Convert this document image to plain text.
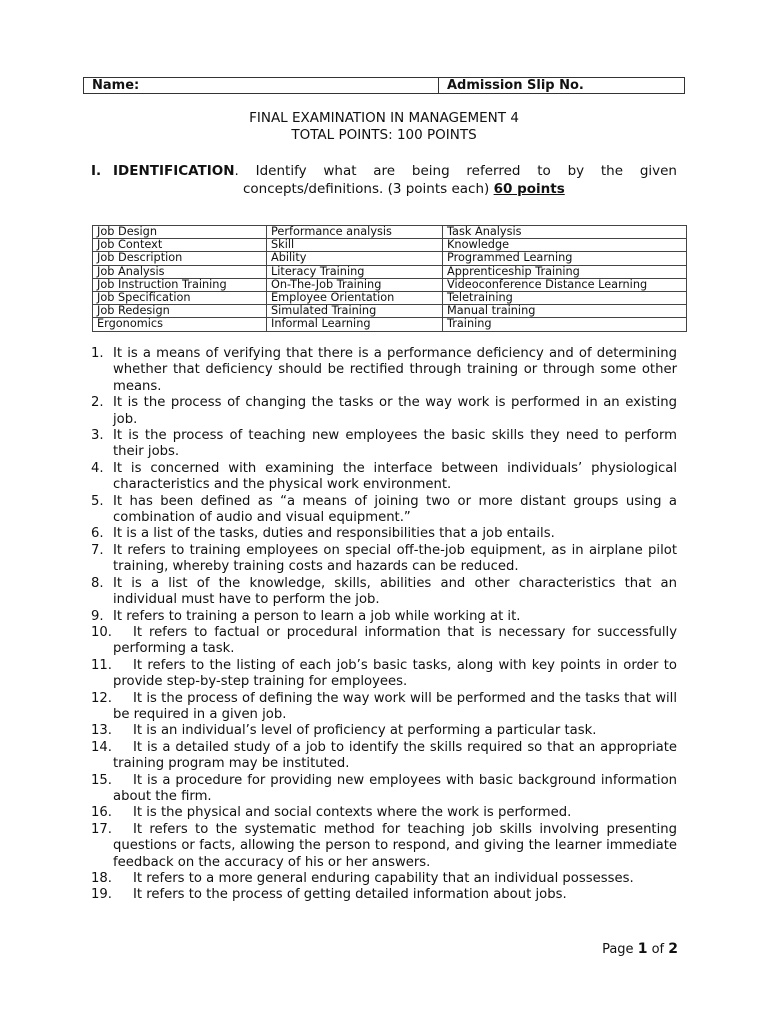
Name:	Admission Slip No.
FINAL EXAMINATION IN MANAGEMENT 4
TOTAL POINTS: 100 POINTS
I. IDENTIFICATION. Identify what are being referred to by the given
concepts/definitions. (3 points each) 60 points
Job Design	Performance analysis	Task Analysis
Job Context	Skill	Knowledge
Job Description	Ability	Programmed Learning
Job Analysis	Literacy Training	Apprenticeship Training
Job Instruction Training	On-The-Job Training	Videoconference Distance Learning
Job Specification	Employee Orientation	Teletraining
Job Redesign	Simulated Training	Manual training
Ergonomics	Informal Learning	Training
1. It is a means of verifying that there is a performance deficiency and of determining whether that deficiency should be rectified through training or through some other means.
2. It is the process of changing the tasks or the way work is performed in an existing job.
3. It is the process of teaching new employees the basic skills they need to perform their jobs.
4. It is concerned with examining the interface between individuals’ physiological characteristics and the physical work environment.
5. It has been defined as “a means of joining two or more distant groups using a combination of audio and visual equipment.”
6. It is a list of the tasks, duties and responsibilities that a job entails.
7. It refers to training employees on special off-the-job equipment, as in airplane pilot training, whereby training costs and hazards can be reduced.
8. It is a list of the knowledge, skills, abilities and other characteristics that an individual must have to perform the job.
9. It refers to training a person to learn a job while working at it.
10. It refers to factual or procedural information that is necessary for successfully performing a task.
11. It refers to the listing of each job’s basic tasks, along with key points in order to provide step-by-step training for employees.
12. It is the process of defining the way work will be performed and the tasks that will be required in a given job.
13. It is an individual’s level of proficiency at performing a particular task.
14. It is a detailed study of a job to identify the skills required so that an appropriate training program may be instituted.
15. It is a procedure for providing new employees with basic background information about the firm.
16. It is the physical and social contexts where the work is performed.
17. It refers to the systematic method for teaching job skills involving presenting questions or facts, allowing the person to respond, and giving the learner immediate feedback on the accuracy of his or her answers.
18. It refers to a more general enduring capability that an individual possesses.
19. It refers to the process of getting detailed information about jobs.
Page 1 of 2
